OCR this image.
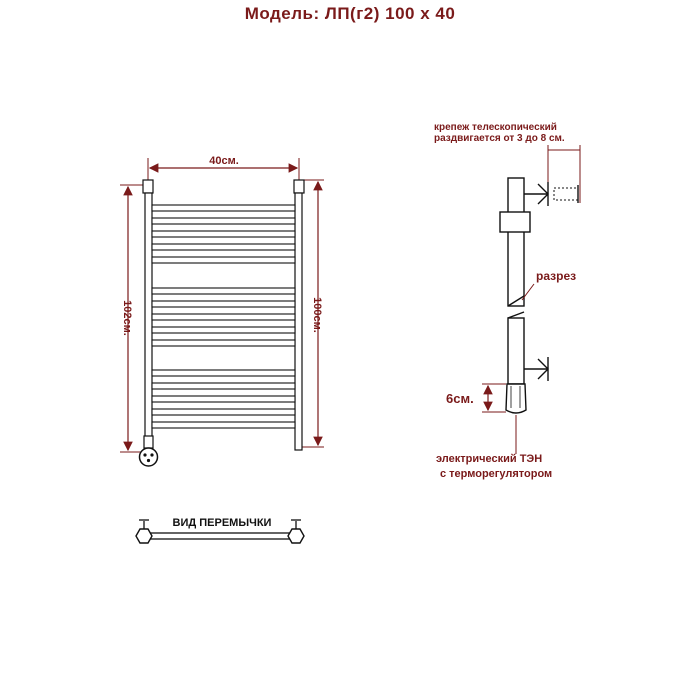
Модель: ЛП(г2) 100 x 40
40см.
102см.	100см.
крепеж телескопический
раздвигается от 3 до 8 см.
разрез
6см.
электрический ТЭН
с терморегулятором
ВИД ПЕРЕМЫЧКИ
